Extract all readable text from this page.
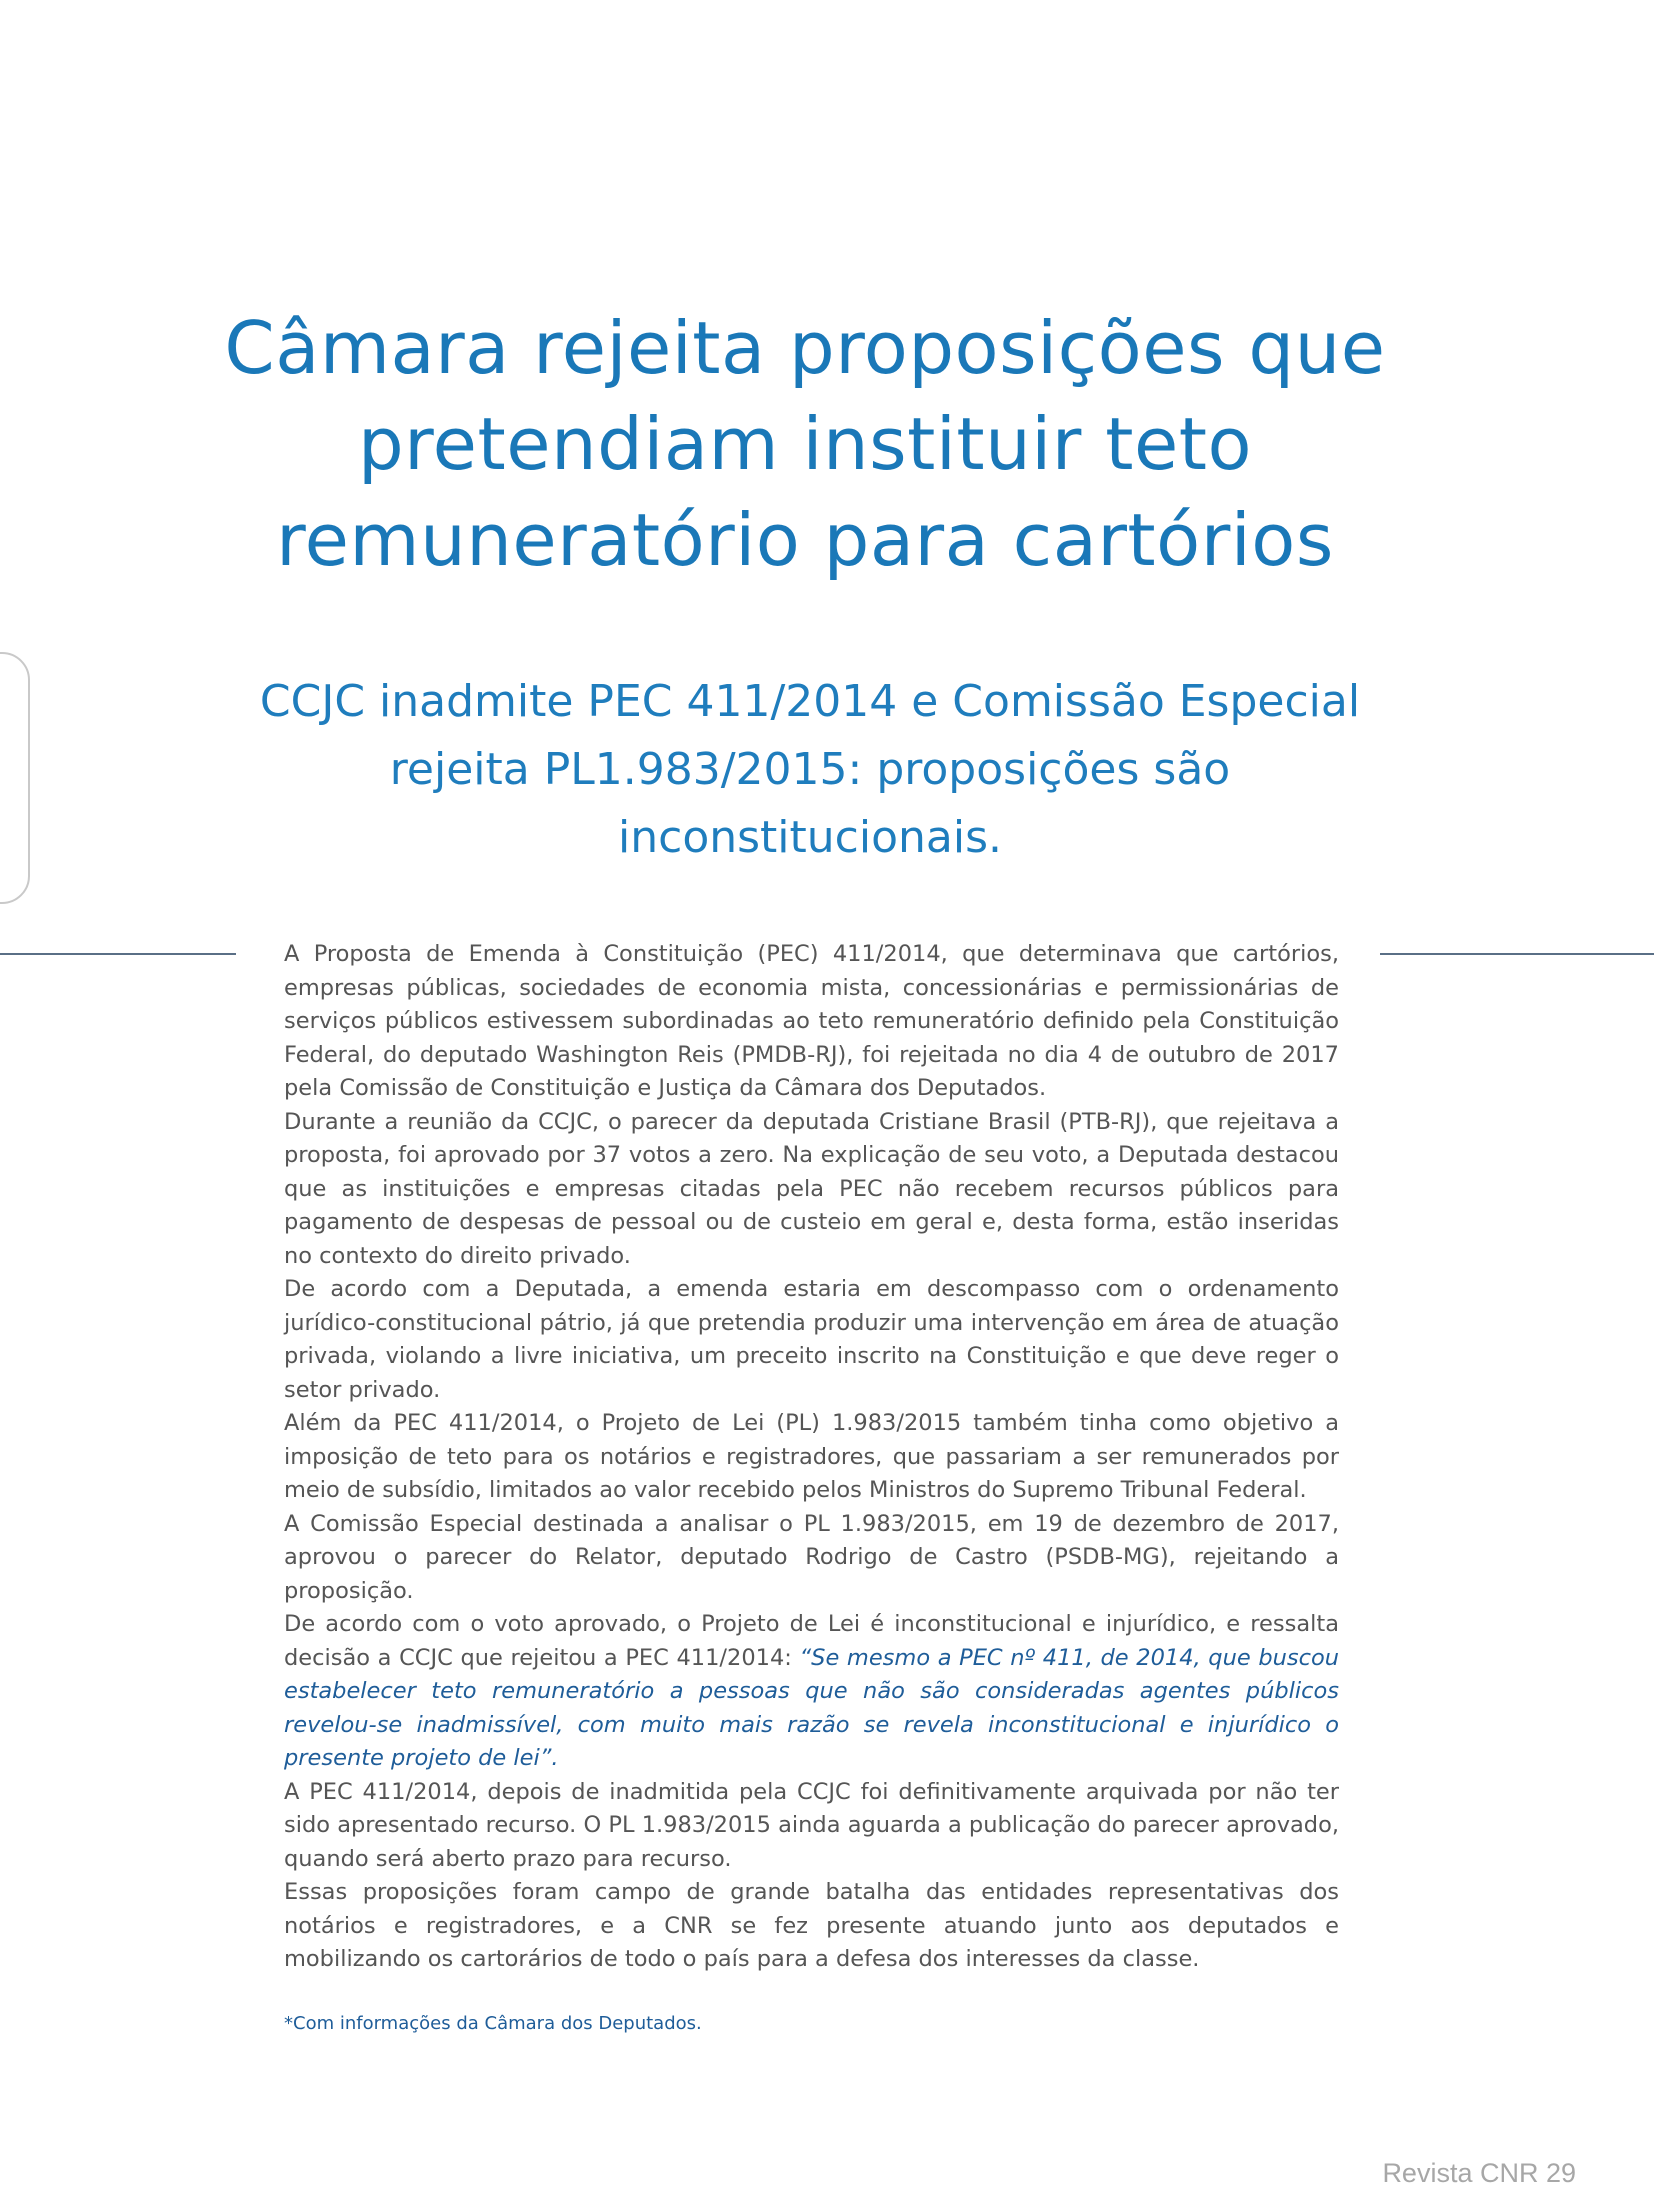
Câmara rejeita proposições que pretendiam instituir teto remuneratório para cartórios
CCJC inadmite PEC 411/2014 e Comissão Especial rejeita PL1.983/2015: proposições são inconstitucionais.

A Proposta de Emenda à Constituição (PEC) 411/2014, que determinava que cartórios, empresas públicas, sociedades de economia mista, concessionárias e permissionárias de serviços públicos estivessem subordinadas ao teto remuneratório definido pela Constituição Federal, do deputado Washington Reis (PMDB-RJ), foi rejeitada no dia 4 de outubro de 2017 pela Comissão de Constituição e Justiça da Câmara dos Deputados.

Durante a reunião da CCJC, o parecer da deputada Cristiane Brasil (PTB-RJ), que rejeitava a proposta, foi aprovado por 37 votos a zero. Na explicação de seu voto, a Deputada destacou que as instituições e empresas citadas pela PEC não recebem recursos públicos para pagamento de despesas de pessoal ou de custeio em geral e, desta forma, estão inseridas no contexto do direito privado.

De acordo com a Deputada, a emenda estaria em descompasso com o ordenamento jurídico-constitucional pátrio, já que pretendia produzir uma intervenção em área de atuação privada, violando a livre iniciativa, um preceito inscrito na Constituição e que deve reger o setor privado.

Além da PEC 411/2014, o Projeto de Lei (PL) 1.983/2015 também tinha como objetivo a imposição de teto para os notários e registradores, que passariam a ser remunerados por meio de subsídio, limitados ao valor recebido pelos Ministros do Supremo Tribunal Federal.

A Comissão Especial destinada a analisar o PL 1.983/2015, em 19 de dezembro de 2017, aprovou o parecer do Relator, deputado Rodrigo de Castro (PSDB-MG), rejeitando a proposição.

De acordo com o voto aprovado, o Projeto de Lei é inconstitucional e injurídico, e ressalta decisão a CCJC que rejeitou a PEC 411/2014: “Se mesmo a PEC nº 411, de 2014, que buscou estabelecer teto remuneratório a pessoas que não são consideradas agentes públicos revelou-se inadmissível, com muito mais razão se revela inconstitucional e injurídico o presente projeto de lei”.

A PEC 411/2014, depois de inadmitida pela CCJC foi definitivamente arquivada por não ter sido apresentado recurso. O PL 1.983/2015 ainda aguarda a publicação do parecer aprovado, quando será aberto prazo para recurso.

Essas proposições foram campo de grande batalha das entidades representativas dos notários e registradores, e a CNR se fez presente atuando junto aos deputados e mobilizando os cartorários de todo o país para a defesa dos interesses da classe.

*Com informações da Câmara dos Deputados.
Revista CNR 29
